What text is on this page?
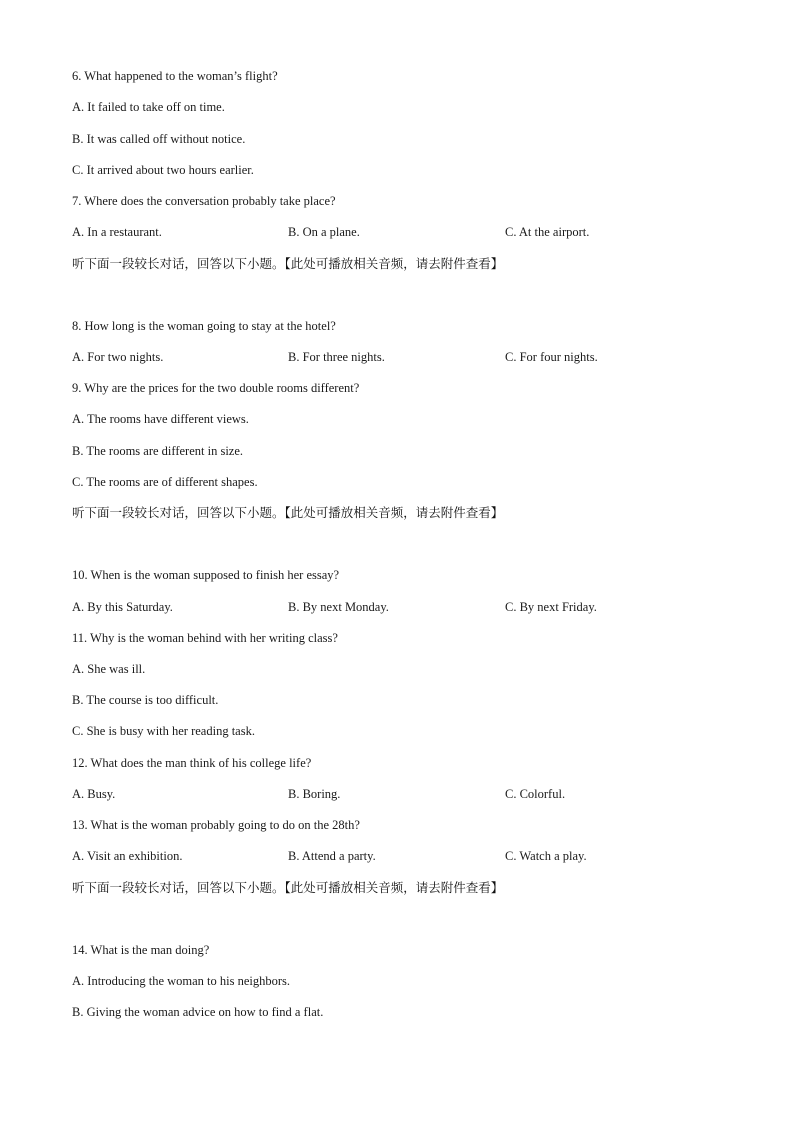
6. What happened to the woman’s flight?
A. It failed to take off on time.
B. It was called off without notice.
C. It arrived about two hours earlier.
7. Where does the conversation probably take place?
A. In a restaurant.	B. On a plane.	C. At the airport.
听下面一段较长对话，回答以下小题。【此处可播放相关音频，请去附件查看】
8. How long is the woman going to stay at the hotel?
A. For two nights.	B. For three nights.	C. For four nights.
9. Why are the prices for the two double rooms different?
A. The rooms have different views.
B. The rooms are different in size.
C. The rooms are of different shapes.
听下面一段较长对话，回答以下小题。【此处可播放相关音频，请去附件查看】
10. When is the woman supposed to finish her essay?
A. By this Saturday.	B. By next Monday.	C. By next Friday.
11. Why is the woman behind with her writing class?
A. She was ill.
B. The course is too difficult.
C. She is busy with her reading task.
12. What does the man think of his college life?
A. Busy.	B. Boring.	C. Colorful.
13. What is the woman probably going to do on the 28th?
A. Visit an exhibition.	B. Attend a party.	C. Watch a play.
听下面一段较长对话，回答以下小题。【此处可播放相关音频，请去附件查看】
14. What is the man doing?
A. Introducing the woman to his neighbors.
B. Giving the woman advice on how to find a flat.
